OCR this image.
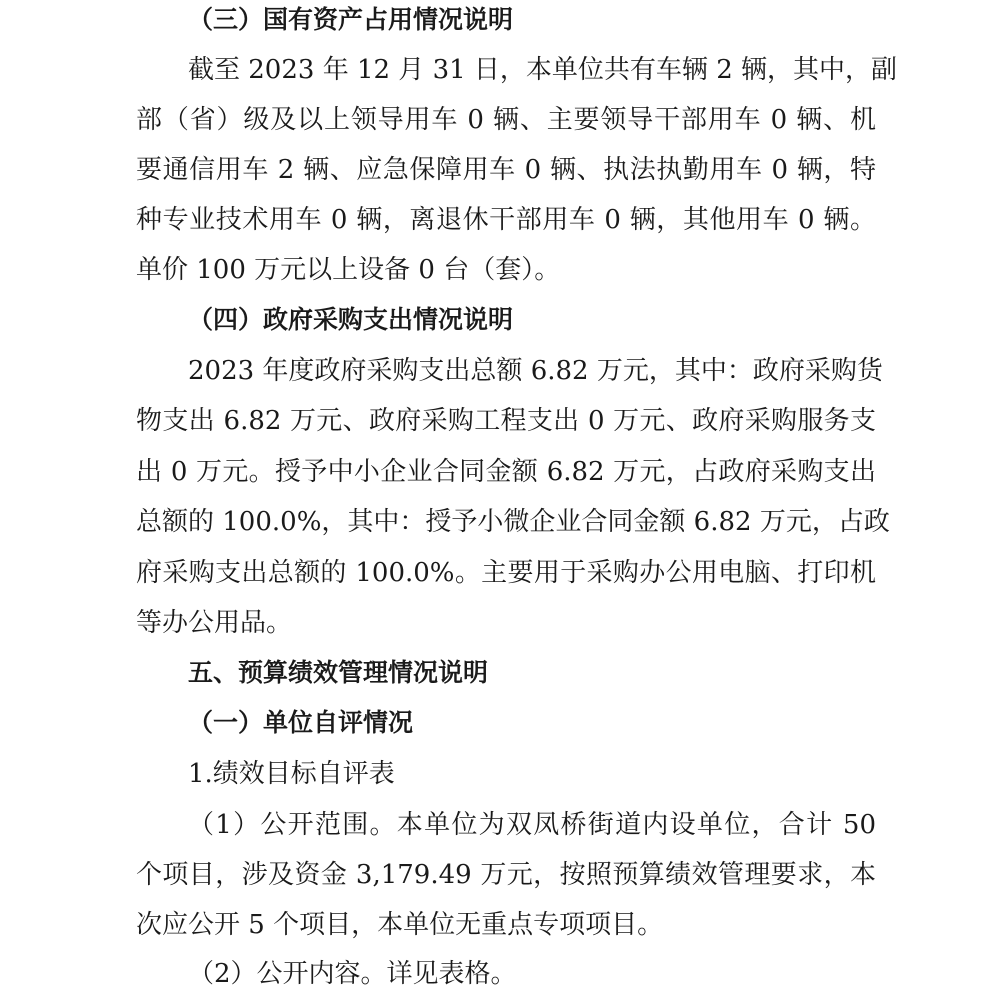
（三）国有资产占用情况说明
截至 2023 年 12 月 31 日，本单位共有车辆 2 辆，其中，副
部（省）级及以上领导用车 0 辆、主要领导干部用车 0 辆、机
要通信用车 2 辆、应急保障用车 0 辆、执法执勤用车 0 辆，特
种专业技术用车 0 辆，离退休干部用车 0 辆，其他用车 0 辆。
单价 100 万元以上设备 0 台（套）。
（四）政府采购支出情况说明
2023 年度政府采购支出总额 6.82 万元，其中：政府采购货
物支出 6.82 万元、政府采购工程支出 0 万元、政府采购服务支
出 0 万元。授予中小企业合同金额 6.82 万元，占政府采购支出
总额的 100.0%，其中：授予小微企业合同金额 6.82 万元，占政
府采购支出总额的 100.0%。主要用于采购办公用电脑、打印机
等办公用品。
五、预算绩效管理情况说明
（一）单位自评情况
1.绩效目标自评表
（1）公开范围。本单位为双凤桥街道内设单位，合计 50
个项目，涉及资金 3,179.49 万元，按照预算绩效管理要求，本
次应公开 5 个项目，本单位无重点专项项目。
（2）公开内容。详见表格。
